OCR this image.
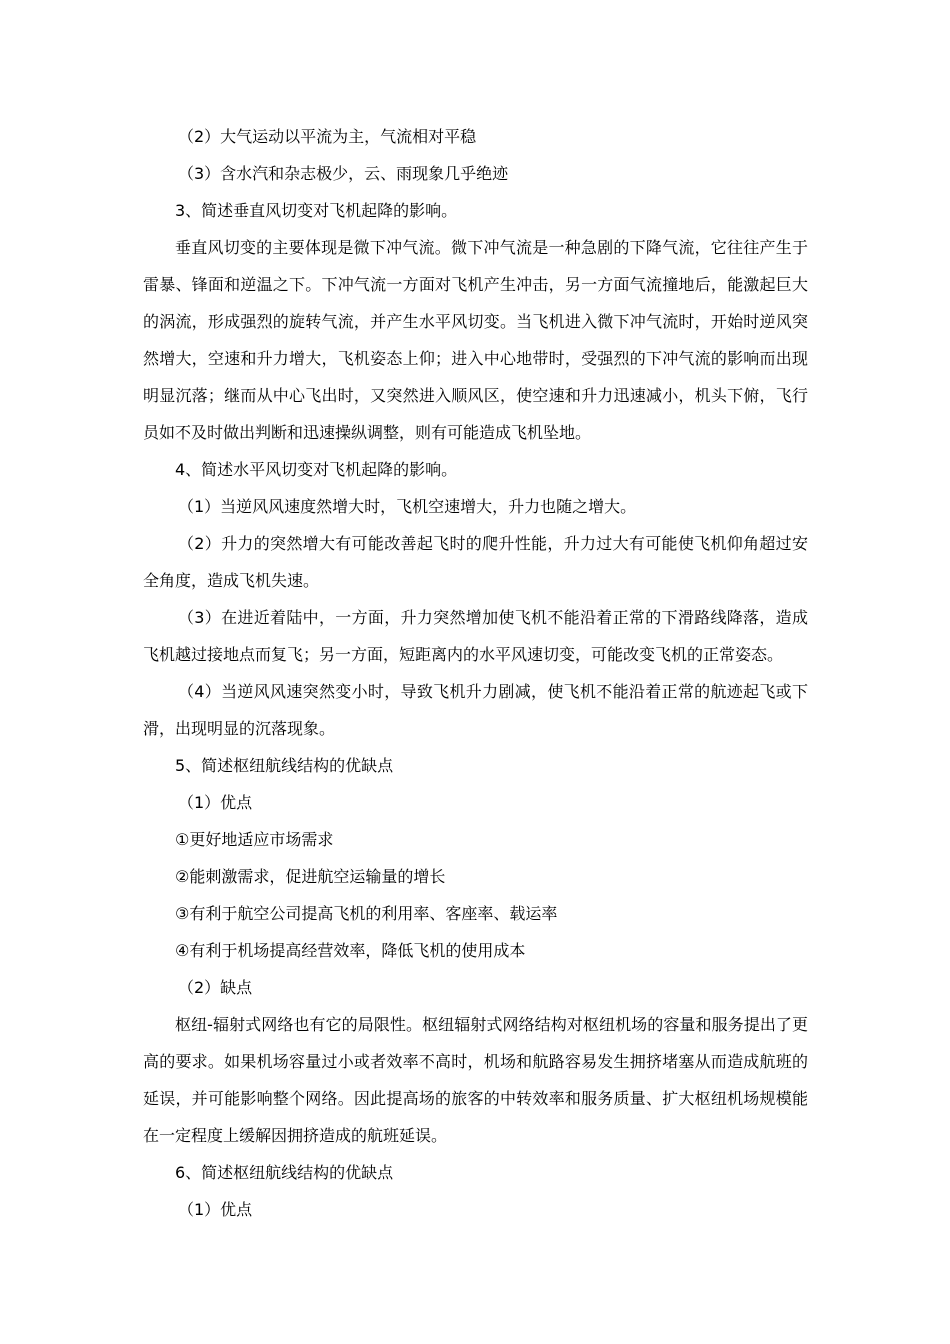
（2）大气运动以平流为主，气流相对平稳

（3）含水汽和杂志极少，云、雨现象几乎绝迹

3、简述垂直风切变对飞机起降的影响。

垂直风切变的主要体现是微下冲气流。微下冲气流是一种急剧的下降气流，它往往产生于雷暴、锋面和逆温之下。下冲气流一方面对飞机产生冲击，另一方面气流撞地后，能激起巨大的涡流，形成强烈的旋转气流，并产生水平风切变。当飞机进入微下冲气流时，开始时逆风突然增大，空速和升力增大，飞机姿态上仰；进入中心地带时，受强烈的下冲气流的影响而出现明显沉落；继而从中心飞出时，又突然进入顺风区，使空速和升力迅速减小，机头下俯，飞行员如不及时做出判断和迅速操纵调整，则有可能造成飞机坠地。

4、简述水平风切变对飞机起降的影响。

（1）当逆风风速度然增大时，飞机空速增大，升力也随之增大。

（2）升力的突然增大有可能改善起飞时的爬升性能，升力过大有可能使飞机仰角超过安全角度，造成飞机失速。

（3）在进近着陆中，一方面，升力突然增加使飞机不能沿着正常的下滑路线降落，造成飞机越过接地点而复飞；另一方面，短距离内的水平风速切变，可能改变飞机的正常姿态。

（4）当逆风风速突然变小时，导致飞机升力剧减，使飞机不能沿着正常的航迹起飞或下滑，出现明显的沉落现象。

5、简述枢纽航线结构的优缺点

（1）优点

①更好地适应市场需求

②能刺激需求，促进航空运输量的增长

③有利于航空公司提高飞机的利用率、客座率、载运率

④有利于机场提高经营效率，降低飞机的使用成本

（2）缺点

枢纽-辐射式网络也有它的局限性。枢纽辐射式网络结构对枢纽机场的容量和服务提出了更高的要求。如果机场容量过小或者效率不高时，机场和航路容易发生拥挤堵塞从而造成航班的延误，并可能影响整个网络。因此提高场的旅客的中转效率和服务质量、扩大枢纽机场规模能在一定程度上缓解因拥挤造成的航班延误。

6、简述枢纽航线结构的优缺点

（1）优点
